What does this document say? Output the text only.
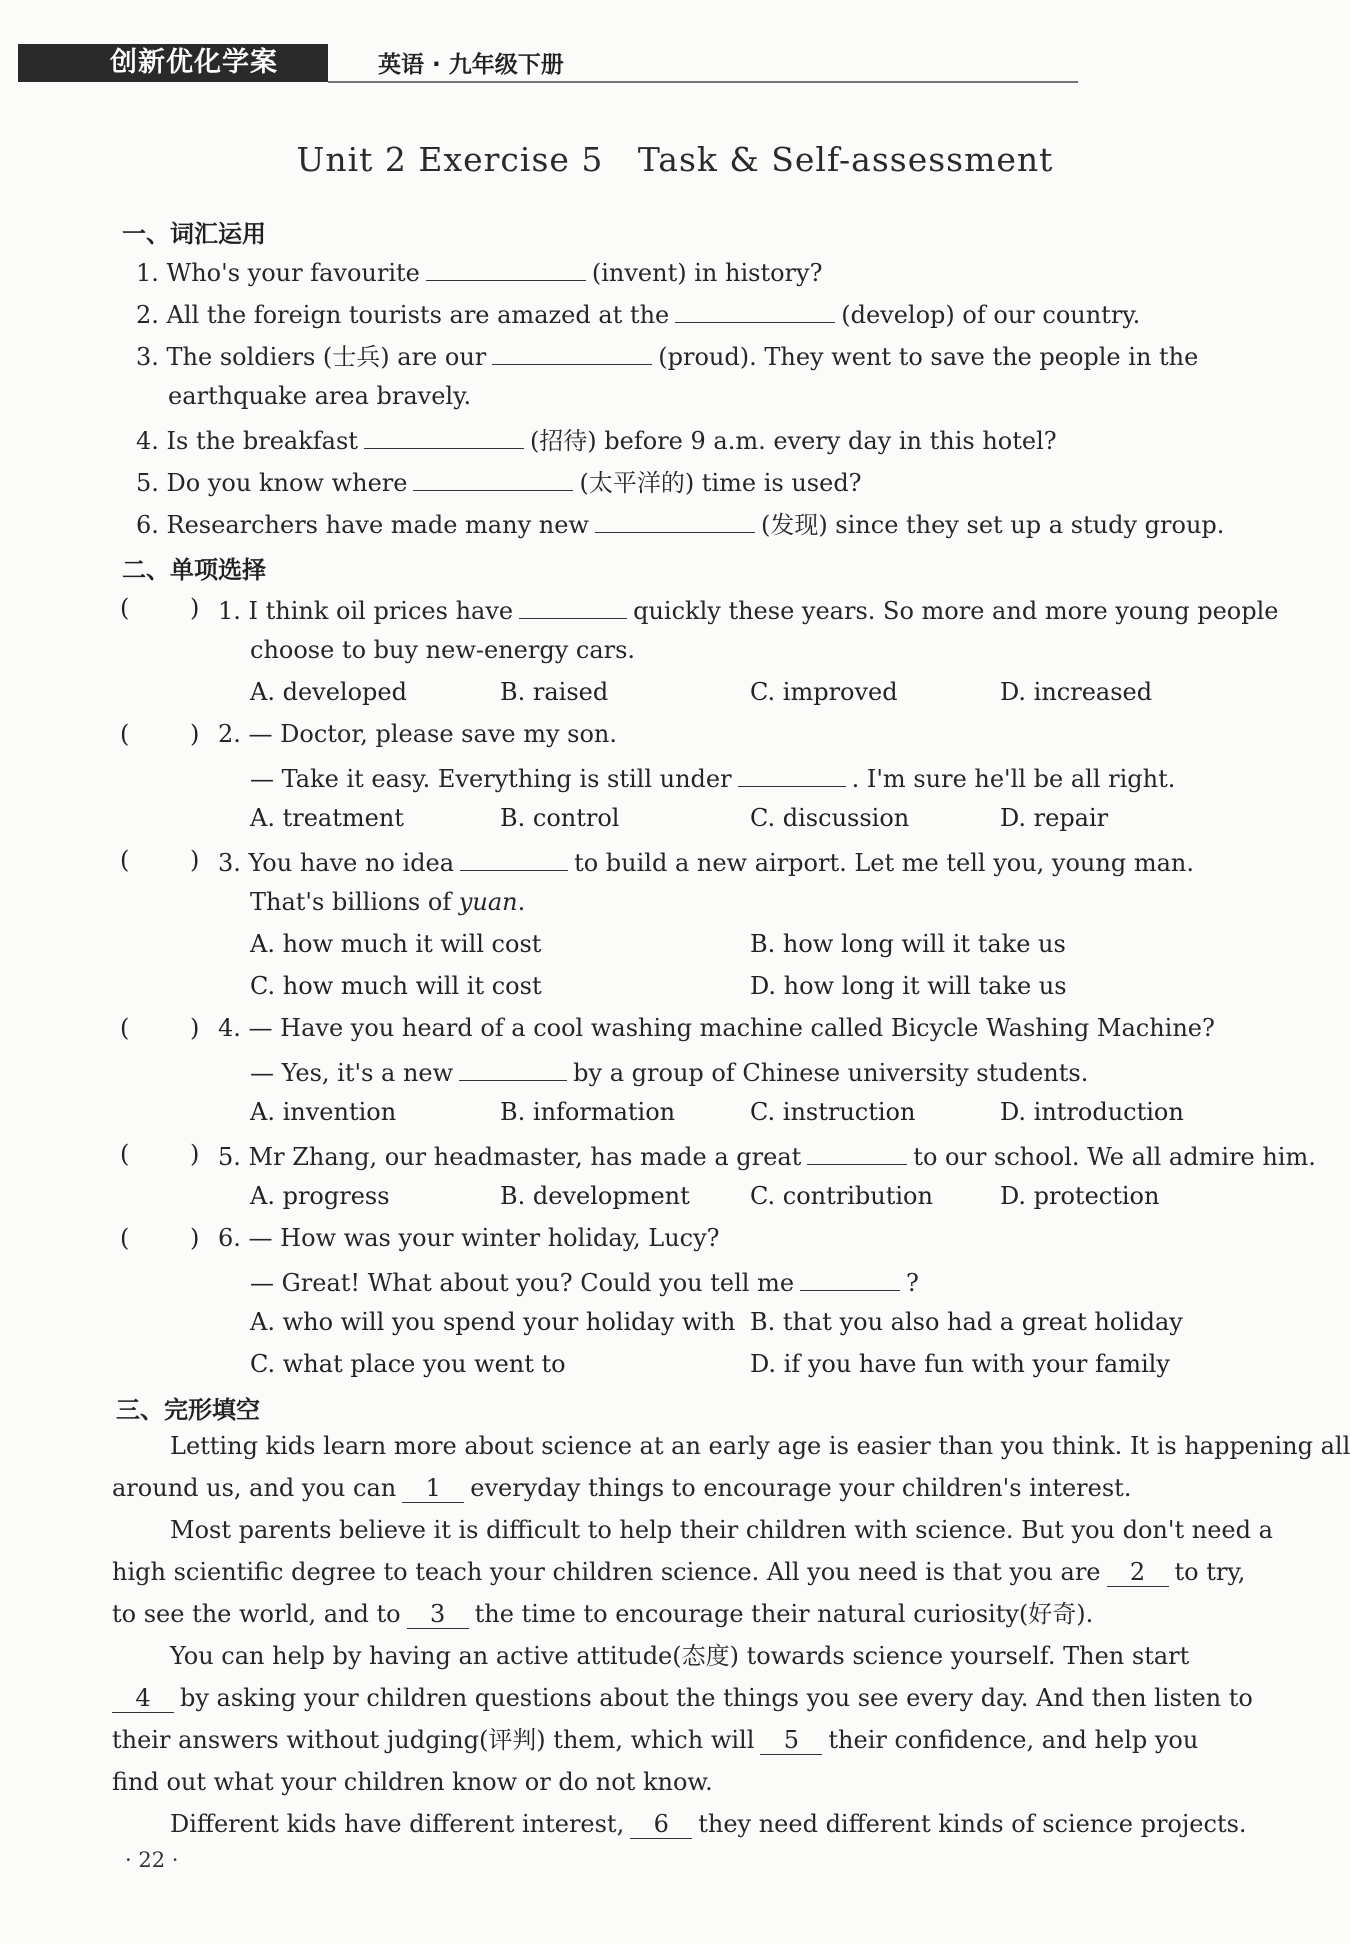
创新优化学案	英语 · 九年级下册
Unit 2 Exercise 5   Task & Self-assessment
一、词汇运用
1. Who's your favourite	(invent) in history?
2. All the foreign tourists are amazed at the	(develop) of our country.
3. The soldiers (士兵) are our	(proud). They went to save the people in the
earthquake area bravely.
4. Is the breakfast	(招待) before 9 a.m. every day in this hotel?
5. Do you know where	(太平洋的) time is used?
6. Researchers have made many new	(发现) since they set up a study group.
二、单项选择
(	) 1. I think oil prices have	quickly these years. So more and more young people
choose to buy new-energy cars.
A. developed	B. raised	C. improved	D. increased
(	) 2. — Doctor, please save my son.
— Take it easy. Everything is still under	. I'm sure he'll be all right.
A. treatment	B. control	C. discussion	D. repair
(	) 3. You have no idea	to build a new airport. Let me tell you, young man.
That's billions of yuan.
A. how much it will cost	B. how long will it take us
C. how much will it cost	D. how long it will take us
(	) 4. — Have you heard of a cool washing machine called Bicycle Washing Machine?
— Yes, it's a new	by a group of Chinese university students.
A. invention	B. information	C. instruction	D. introduction
(	) 5. Mr Zhang, our headmaster, has made a great	to our school. We all admire him.
A. progress	B. development	C. contribution	D. protection
(	) 6. — How was your winter holiday, Lucy?
— Great! What about you? Could you tell me	?
A. who will you spend your holiday with B. that you also had a great holiday
C. what place you went to	D. if you have fun with your family
三、完形填空
Letting kids learn more about science at an early age is easier than you think. It is happening all
around us, and you can 1 everyday things to encourage your children's interest.
Most parents believe it is difficult to help their children with science. But you don't need a
high scientific degree to teach your children science. All you need is that you are 2 to try,
to see the world, and to 3 the time to encourage their natural curiosity(好奇).
You can help by having an active attitude(态度) towards science yourself. Then start
4 by asking your children questions about the things you see every day. And then listen to
their answers without judging(评判) them, which will 5 their confidence, and help you
find out what your children know or do not know.
Different kids have different interest, 6 they need different kinds of science projects.
· 22 ·
